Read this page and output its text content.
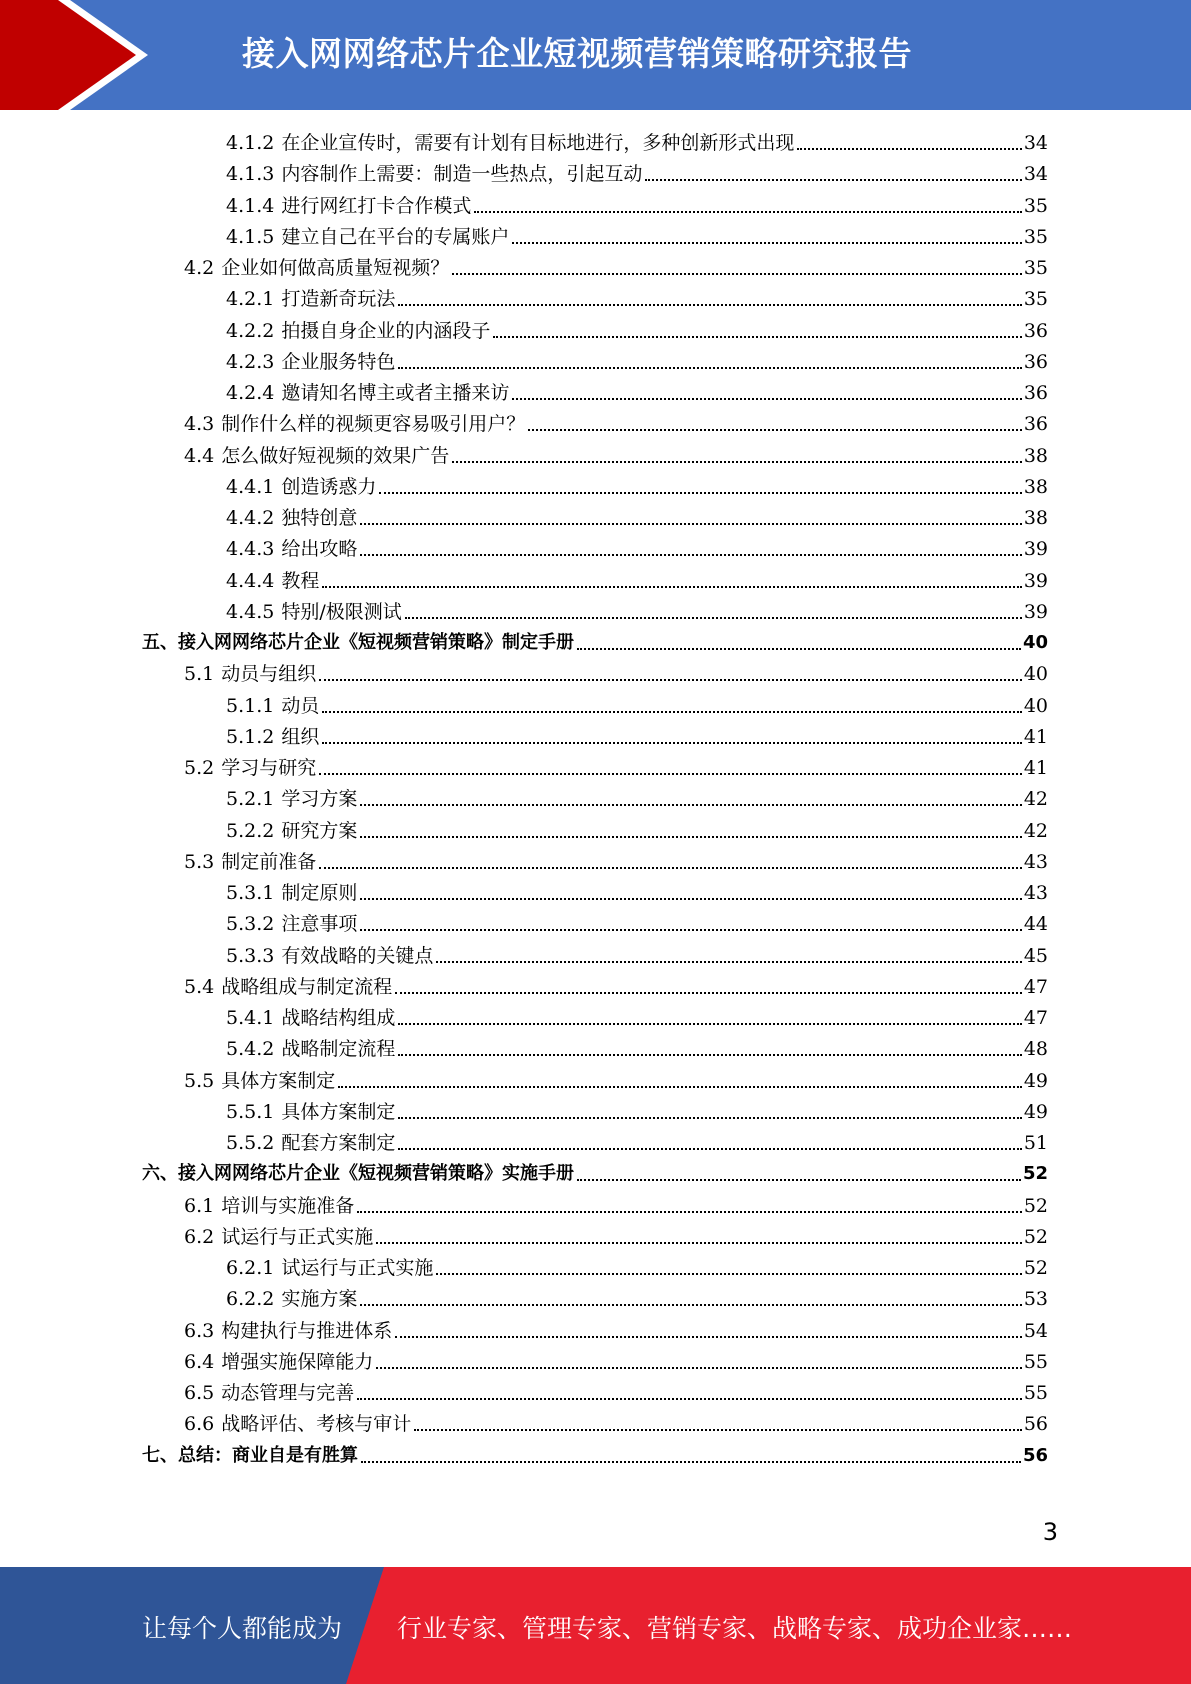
接入网网络芯片企业短视频营销策略研究报告
4.1.2 在企业宣传时，需要有计划有目标地进行，多种创新形式出现	34
4.1.3 内容制作上需要：制造一些热点，引起互动	34
4.1.4 进行网红打卡合作模式	35
4.1.5 建立自己在平台的专属账户	35
4.2 企业如何做高质量短视频？	35
4.2.1 打造新奇玩法	35
4.2.2 拍摄自身企业的内涵段子	36
4.2.3 企业服务特色	36
4.2.4 邀请知名博主或者主播来访	36
4.3 制作什么样的视频更容易吸引用户？	36
4.4 怎么做好短视频的效果广告	38
4.4.1 创造诱惑力	38
4.4.2 独特创意	38
4.4.3 给出攻略	39
4.4.4 教程	39
4.4.5 特别/极限测试	39
五、接入网网络芯片企业《短视频营销策略》制定手册	40
5.1 动员与组织	40
5.1.1 动员	40
5.1.2 组织	41
5.2 学习与研究	41
5.2.1 学习方案	42
5.2.2 研究方案	42
5.3 制定前准备	43
5.3.1 制定原则	43
5.3.2 注意事项	44
5.3.3 有效战略的关键点	45
5.4 战略组成与制定流程	47
5.4.1 战略结构组成	47
5.4.2 战略制定流程	48
5.5 具体方案制定	49
5.5.1 具体方案制定	49
5.5.2 配套方案制定	51
六、接入网网络芯片企业《短视频营销策略》实施手册	52
6.1 培训与实施准备	52
6.2 试运行与正式实施	52
6.2.1 试运行与正式实施	52
6.2.2 实施方案	53
6.3 构建执行与推进体系	54
6.4 增强实施保障能力	55
6.5 动态管理与完善	55
6.6 战略评估、考核与审计	56
七、总结：商业自是有胜算	56
3
让每个人都能成为 行业专家、管理专家、营销专家、战略专家、成功企业家……
